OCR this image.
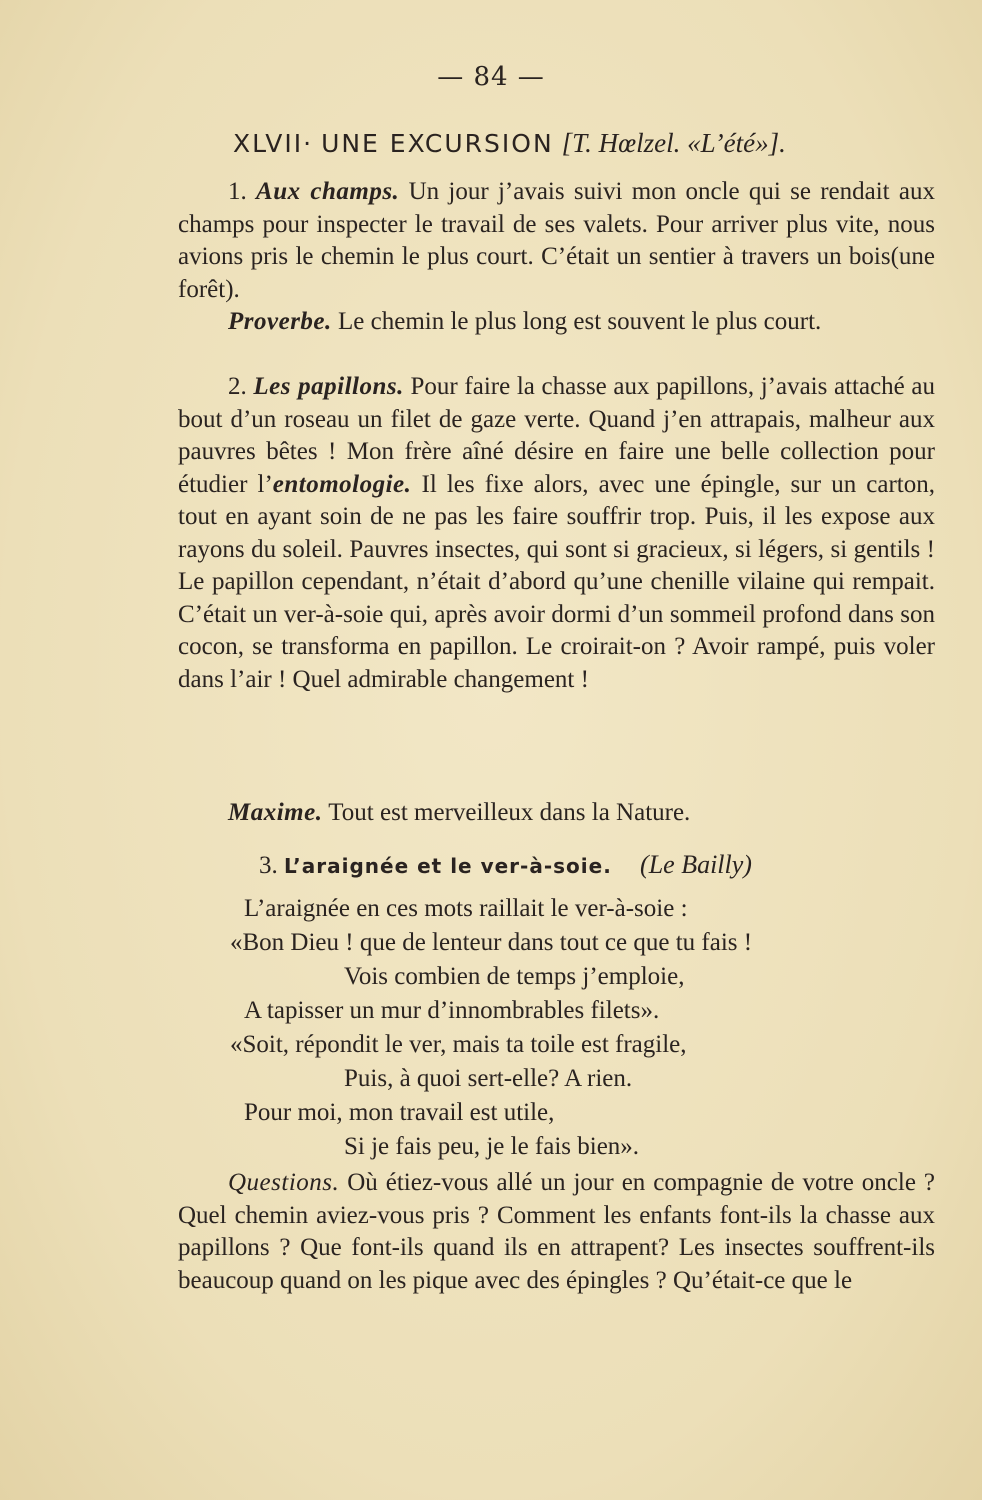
— 84 —
XLVII· UNE EXCURSION [T. Hœlzel. «L’été»].
1. Aux champs. Un jour j’avais suivi mon oncle qui se rendait aux champs pour inspecter le travail de ses valets. Pour arriver plus vite, nous avions pris le chemin le plus court. C’était un sentier à travers un bois(une forêt).
Proverbe. Le chemin le plus long est souvent le plus court.
2. Les papillons. Pour faire la chasse aux papillons, j’avais attaché au bout d’un roseau un filet de gaze verte. Quand j’en attrapais, malheur aux pauvres bêtes ! Mon frère aîné désire en faire une belle collection pour étudier l’entomologie. Il les fixe alors, avec une épingle, sur un carton, tout en ayant soin de ne pas les faire souffrir trop. Puis, il les expose aux rayons du soleil. Pauvres insectes, qui sont si gracieux, si légers, si gentils ! Le papillon cependant, n’était d’abord qu’une chenille vilaine qui rempait. C’était un ver-à-soie qui, après avoir dormi d’un sommeil profond dans son cocon, se transforma en papillon. Le croirait-on ? Avoir rampé, puis voler dans l’air ! Quel admirable changement !
Maxime. Tout est merveilleux dans la Nature.
3. L’araignée et le ver-à-soie. (Le Bailly)
L’araignée en ces mots raillait le ver-à-soie :
«Bon Dieu ! que de lenteur dans tout ce que tu fais !
Vois combien de temps j’emploie,
A tapisser un mur d’innombrables filets».
«Soit, répondit le ver, mais ta toile est fragile,
Puis, à quoi sert-elle? A rien.
Pour moi, mon travail est utile,
Si je fais peu, je le fais bien».
Questions. Où étiez-vous allé un jour en compagnie de votre oncle ? Quel chemin aviez-vous pris ? Comment les enfants font-ils la chasse aux papillons ? Que font-ils quand ils en attrapent? Les insectes souffrent-ils beaucoup quand on les pique avec des épingles ? Qu’était-ce que le
